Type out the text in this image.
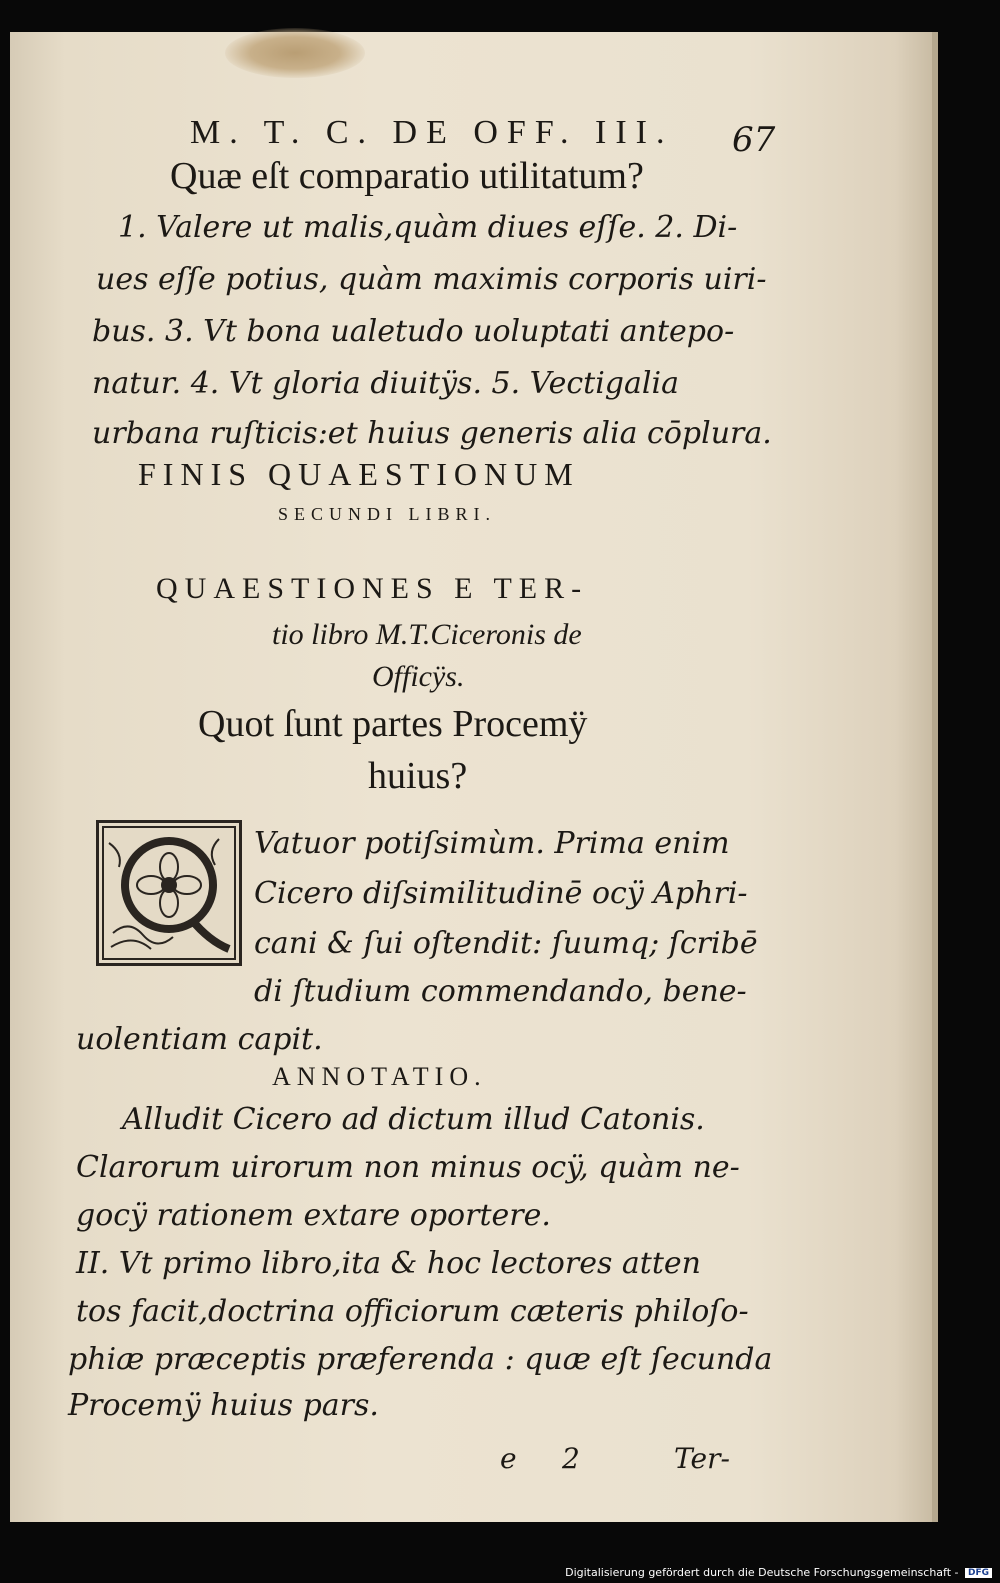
M. T. C. DE OFF. III. 67
Quæ eſt comparatio utilitatum?
1. Valere ut malis,quàm diues eſſe. 2. Di-
ues eſſe potius, quàm maximis corporis uiri-
bus. 3. Vt bona ualetudo uoluptati antepo-
natur. 4. Vt gloria diuitÿs. 5. Vectigalia
urbana ruſticis:et huius generis alia cōplura.
FINIS QUAESTIONUM
SECUNDI LIBRI.
QUAESTIONES E TER-
tio libro M.T.Ciceronis de
Officÿs.
Quot ſunt partes Procemÿ
huius?
Vatuor potiſsimùm. Prima enim
Cicero diſsimilitudinē ocÿ Aphri-
cani & ſui oſtendit: ſuumq; ſcribē
di ſtudium commendando, bene-
uolentiam capit.
ANNOTATIO.
Alludit Cicero ad dictum illud Catonis.
Clarorum uirorum non minus ocÿ, quàm ne-
gocÿ rationem extare oportere.
II. Vt primo libro,ita & hoc lectores atten
tos facit,doctrina officiorum cæteris philoſo-
phiæ præceptis præferenda : quæ eſt ſecunda
Procemÿ huius pars.
e 2	Ter-
Digitalisierung gefördert durch die Deutsche Forschungsgemeinschaft - DFG
